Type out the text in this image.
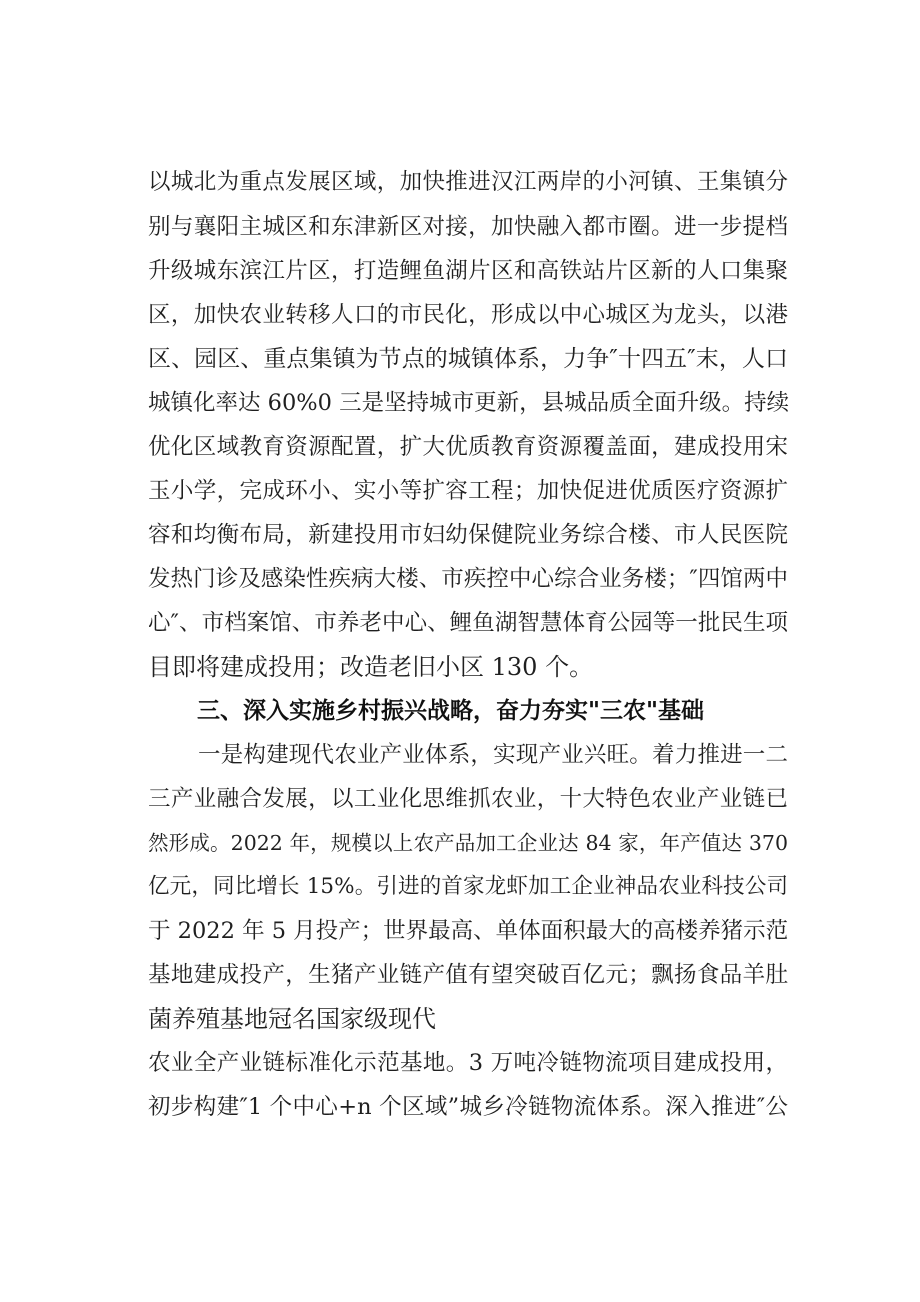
以城北为重点发展区域，加快推进汉江两岸的小河镇、王集镇分
别与襄阳主城区和东津新区对接，加快融入都市圈。进一步提档
升级城东滨江片区，打造鲤鱼湖片区和高铁站片区新的人口集聚
区，加快农业转移人口的市民化，形成以中心城区为龙头，以港
区、园区、重点集镇为节点的城镇体系，力争″十四五″末，人口
城镇化率达 60%0 三是坚持城市更新，县城品质全面升级。持续
优化区域教育资源配置，扩大优质教育资源覆盖面，建成投用宋
玉小学，完成环小、实小等扩容工程；加快促进优质医疗资源扩
容和均衡布局，新建投用市妇幼保健院业务综合楼、市人民医院
发热门诊及感染性疾病大楼、市疾控中心综合业务楼；″四馆两中
心″、市档案馆、市养老中心、鲤鱼湖智慧体育公园等一批民生项
目即将建成投用；改造老旧小区 130 个。
三、深入实施乡村振兴战略，奋力夯实"三农"基础
一是构建现代农业产业体系，实现产业兴旺。着力推进一二
三产业融合发展，以工业化思维抓农业，十大特色农业产业链已
然形成。2022 年，规模以上农产品加工企业达 84 家，年产值达 370
亿元，同比增长 15%。引进的首家龙虾加工企业神品农业科技公司
于 2022 年 5 月投产；世界最高、单体面积最大的高楼养猪示范
基地建成投产，生猪产业链产值有望突破百亿元；飘扬食品羊肚
菌养殖基地冠名国家级现代
农业全产业链标准化示范基地。3 万吨冷链物流项目建成投用，
初步构建″1 个中心+n 个区域”城乡冷链物流体系。深入推进″公
